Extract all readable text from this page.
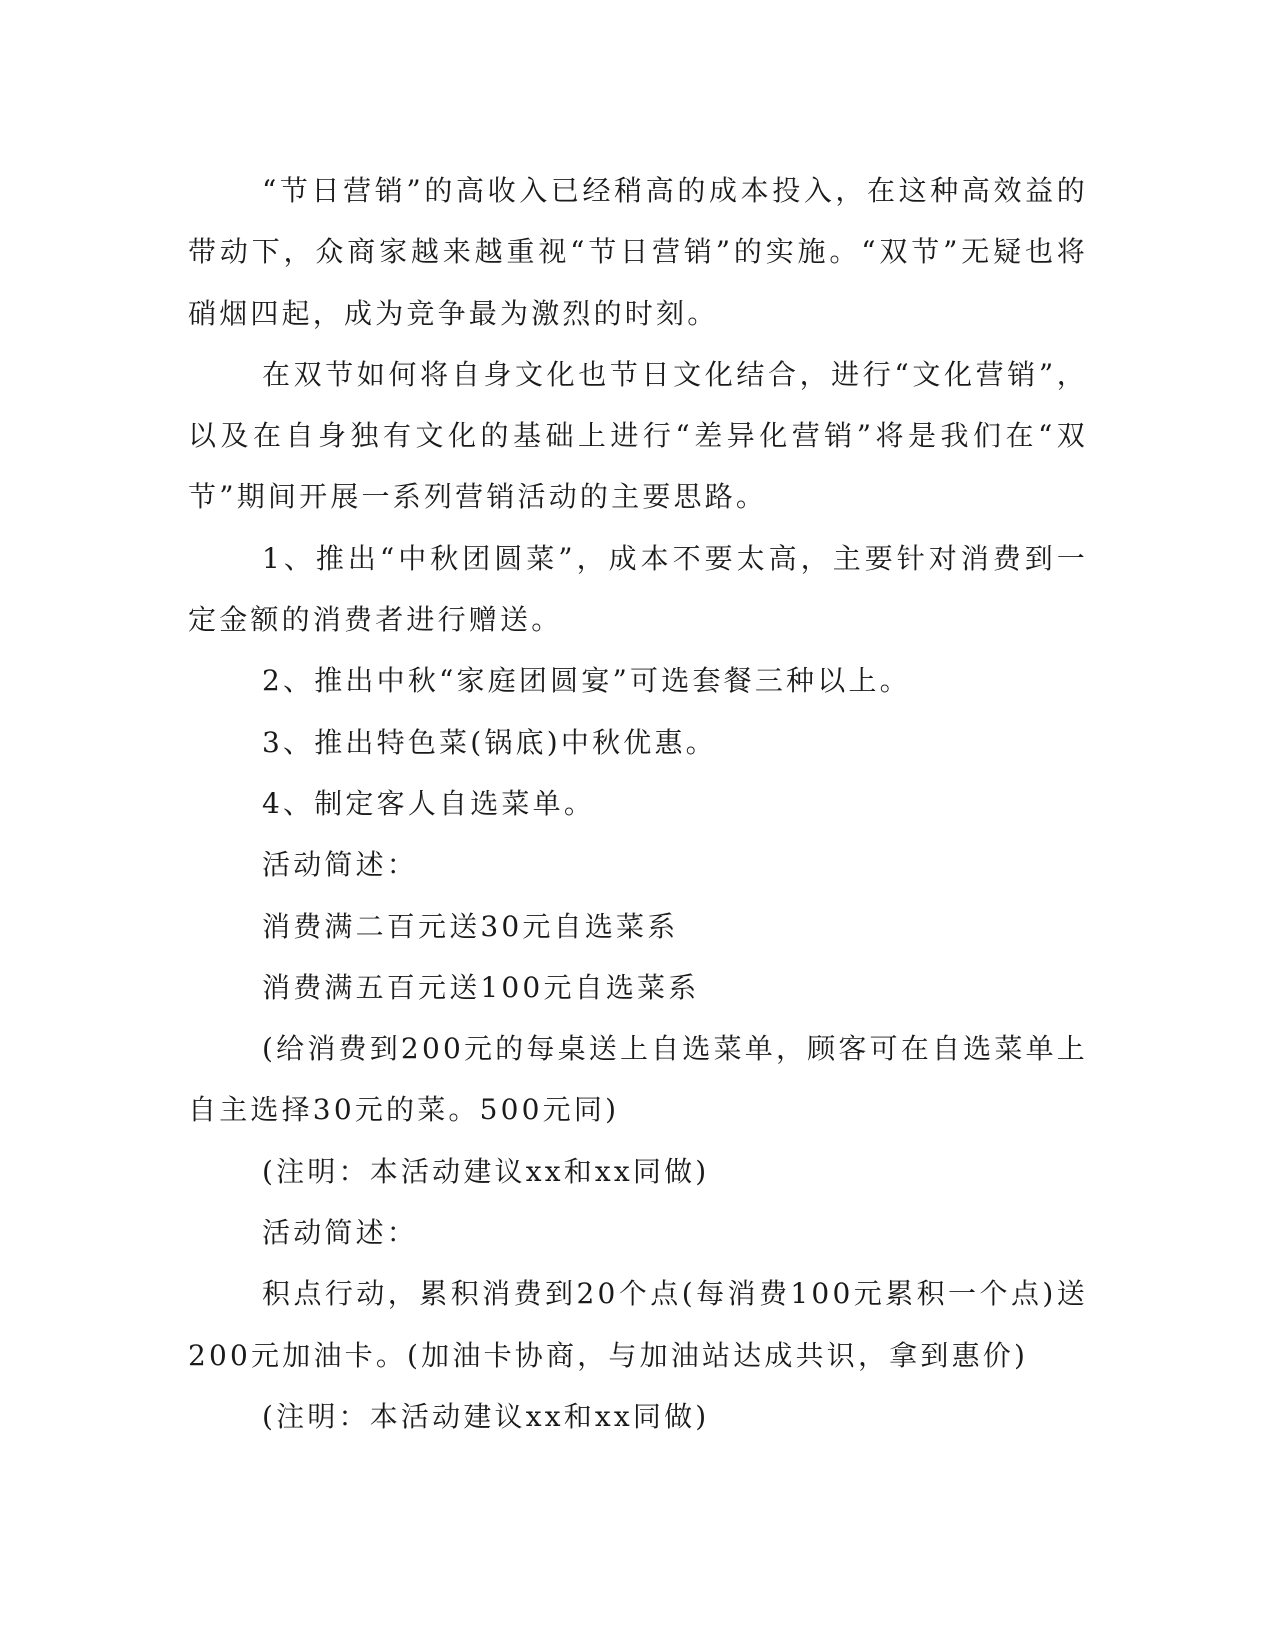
“节日营销”的高收入已经稍高的成本投入，在这种高效益的带动下，众商家越来越重视“节日营销”的实施。“双节”无疑也将硝烟四起，成为竞争最为激烈的时刻。

在双节如何将自身文化也节日文化结合，进行“文化营销”，以及在自身独有文化的基础上进行“差异化营销”将是我们在“双节”期间开展一系列营销活动的主要思路。

1、推出“中秋团圆菜”，成本不要太高，主要针对消费到一定金额的消费者进行赠送。

2、推出中秋“家庭团圆宴”可选套餐三种以上。

3、推出特色菜(锅底)中秋优惠。

4、制定客人自选菜单。

活动简述：

消费满二百元送30元自选菜系

消费满五百元送100元自选菜系

(给消费到200元的每桌送上自选菜单，顾客可在自选菜单上自主选择30元的菜。500元同)

(注明：本活动建议xx和xx同做)

活动简述：

积点行动，累积消费到20个点(每消费100元累积一个点)送200元加油卡。(加油卡协商，与加油站达成共识，拿到惠价)

(注明：本活动建议xx和xx同做)
